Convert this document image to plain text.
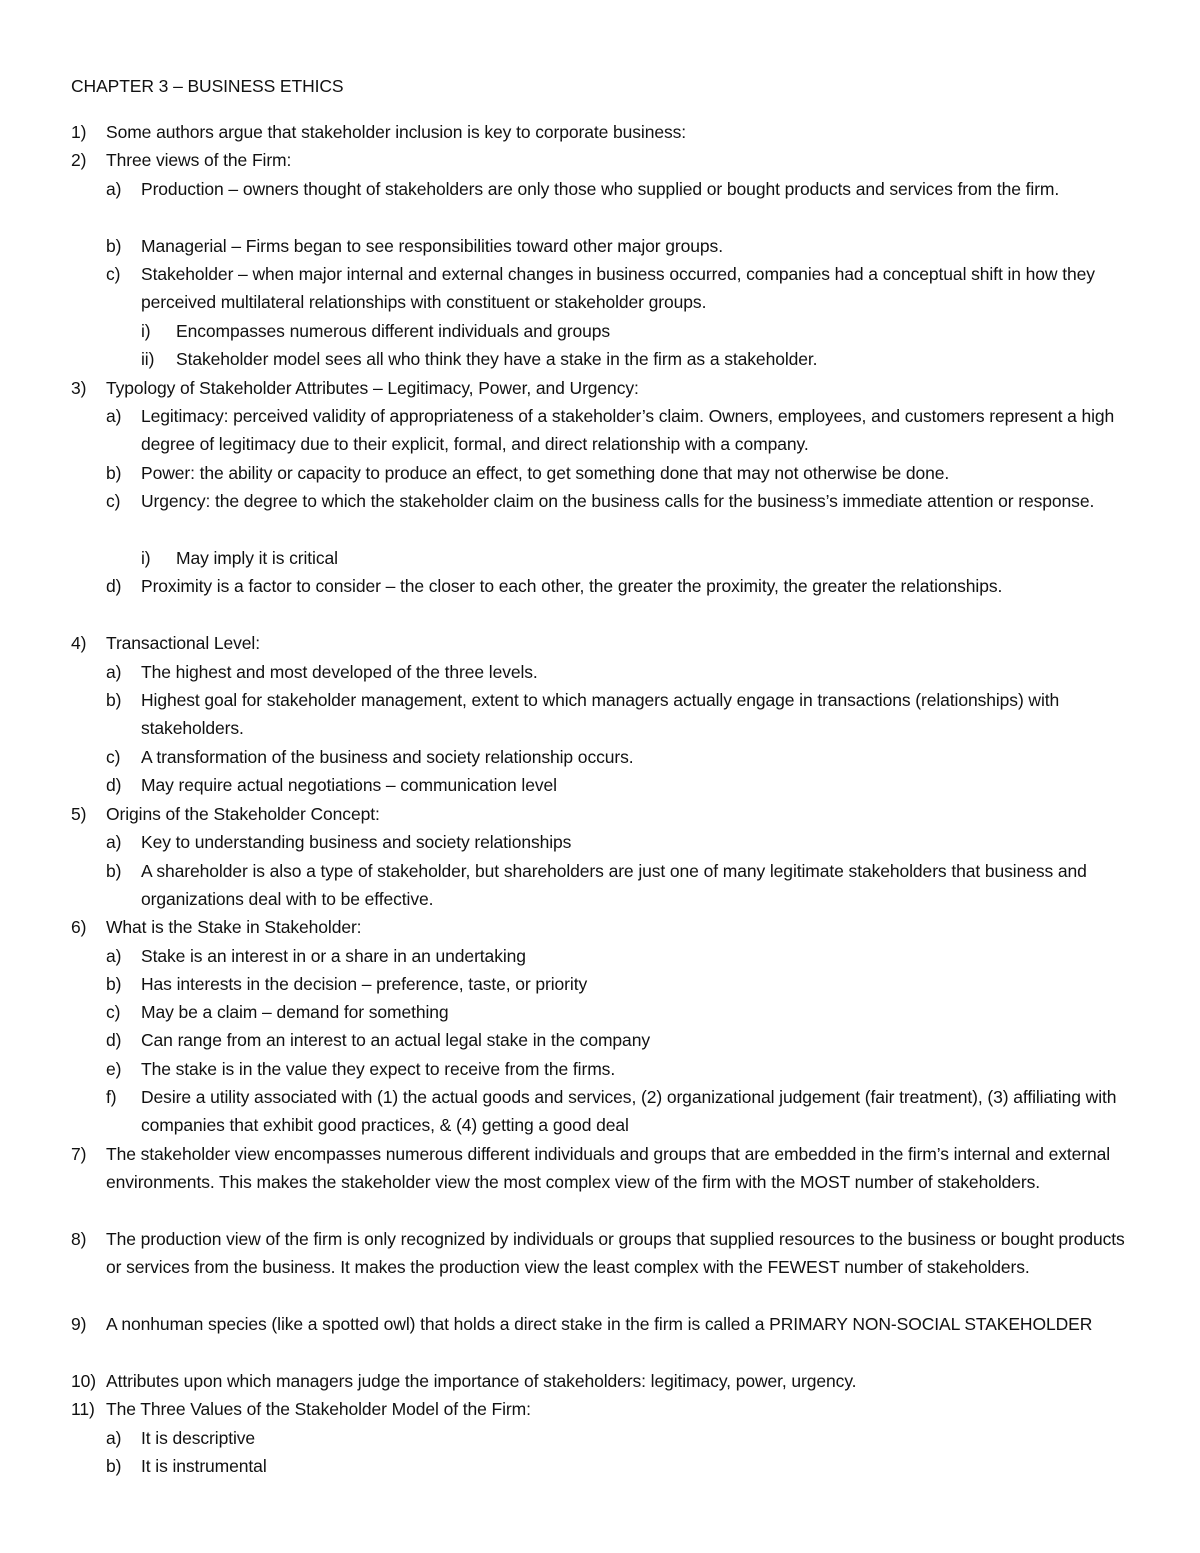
CHAPTER 3 – BUSINESS ETHICS
1) Some authors argue that stakeholder inclusion is key to corporate business:
2) Three views of the Firm:
a) Production – owners thought of stakeholders are only those who supplied or bought products and services from the firm.
b) Managerial – Firms began to see responsibilities toward other major groups.
c) Stakeholder – when major internal and external changes in business occurred, companies had a conceptual shift in how they perceived multilateral relationships with constituent or stakeholder groups.
i) Encompasses numerous different individuals and groups
ii) Stakeholder model sees all who think they have a stake in the firm as a stakeholder.
3) Typology of Stakeholder Attributes – Legitimacy, Power, and Urgency:
a) Legitimacy: perceived validity of appropriateness of a stakeholder’s claim. Owners, employees, and customers represent a high degree of legitimacy due to their explicit, formal, and direct relationship with a company.
b) Power: the ability or capacity to produce an effect, to get something done that may not otherwise be done.
c) Urgency: the degree to which the stakeholder claim on the business calls for the business’s immediate attention or response.
i) May imply it is critical
d) Proximity is a factor to consider – the closer to each other, the greater the proximity, the greater the relationships.
4) Transactional Level:
a) The highest and most developed of the three levels.
b) Highest goal for stakeholder management, extent to which managers actually engage in transactions (relationships) with stakeholders.
c) A transformation of the business and society relationship occurs.
d) May require actual negotiations – communication level
5) Origins of the Stakeholder Concept:
a) Key to understanding business and society relationships
b) A shareholder is also a type of stakeholder, but shareholders are just one of many legitimate stakeholders that business and organizations deal with to be effective.
6) What is the Stake in Stakeholder:
a) Stake is an interest in or a share in an undertaking
b) Has interests in the decision – preference, taste, or priority
c) May be a claim – demand for something
d) Can range from an interest to an actual legal stake in the company
e) The stake is in the value they expect to receive from the firms.
f) Desire a utility associated with (1) the actual goods and services, (2) organizational judgement (fair treatment), (3) affiliating with companies that exhibit good practices, & (4) getting a good deal
7) The stakeholder view encompasses numerous different individuals and groups that are embedded in the firm’s internal and external environments. This makes the stakeholder view the most complex view of the firm with the MOST number of stakeholders.
8) The production view of the firm is only recognized by individuals or groups that supplied resources to the business or bought products or services from the business. It makes the production view the least complex with the FEWEST number of stakeholders.
9) A nonhuman species (like a spotted owl) that holds a direct stake in the firm is called a PRIMARY NON-SOCIAL STAKEHOLDER
10) Attributes upon which managers judge the importance of stakeholders: legitimacy, power, urgency.
11) The Three Values of the Stakeholder Model of the Firm:
a) It is descriptive
b) It is instrumental
